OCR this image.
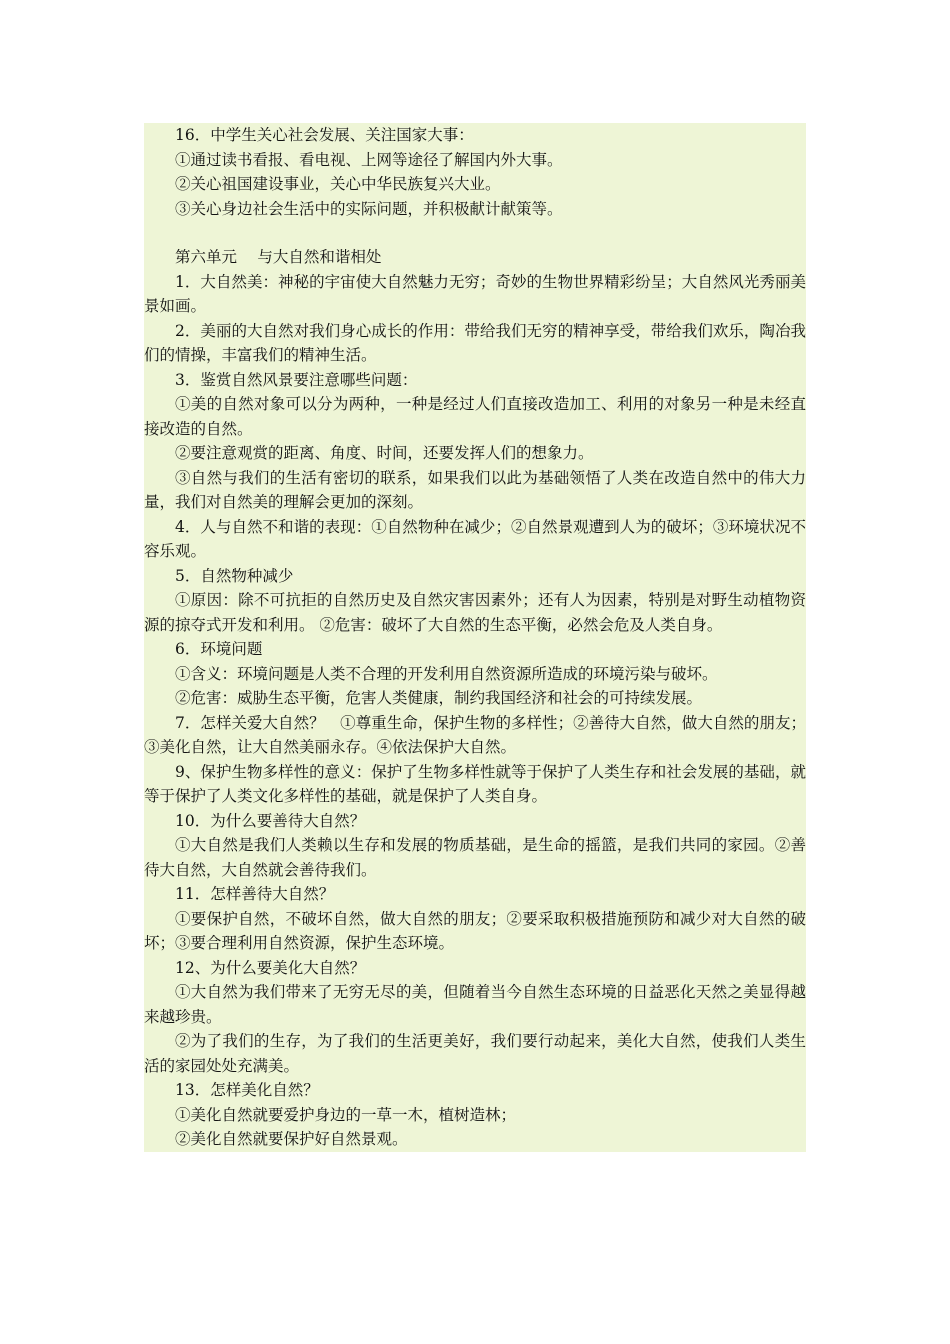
16．中学生关心社会发展、关注国家大事：

①通过读书看报、看电视、上网等途径了解国内外大事。

②关心祖国建设事业，关心中华民族复兴大业。

③关心身边社会生活中的实际问题，并积极献计献策等。

第六单元　 与大自然和谐相处

1．大自然美：神秘的宇宙使大自然魅力无穷；奇妙的生物世界精彩纷呈；大自然风光秀丽美景如画。

2．美丽的大自然对我们身心成长的作用：带给我们无穷的精神享受，带给我们欢乐，陶冶我们的情操，丰富我们的精神生活。

3．鉴赏自然风景要注意哪些问题：

①美的自然对象可以分为两种，一种是经过人们直接改造加工、利用的对象另一种是未经直接改造的自然。

②要注意观赏的距离、角度、时间，还要发挥人们的想象力。

③自然与我们的生活有密切的联系，如果我们以此为基础领悟了人类在改造自然中的伟大力量，我们对自然美的理解会更加的深刻。

4．人与自然不和谐的表现：①自然物种在减少；②自然景观遭到人为的破坏；③环境状况不容乐观。

5．自然物种减少

①原因：除不可抗拒的自然历史及自然灾害因素外；还有人为因素，特别是对野生动植物资源的掠夺式开发和利用。 ②危害：破坏了大自然的生态平衡，必然会危及人类自身。

6．环境问题

①含义：环境问题是人类不合理的开发利用自然资源所造成的环境污染与破坏。

②危害：威胁生态平衡，危害人类健康，制约我国经济和社会的可持续发展。

7．怎样关爱大自然？　①尊重生命，保护生物的多样性；②善待大自然，做大自然的朋友；③美化自然，让大自然美丽永存。④依法保护大自然。

9、保护生物多样性的意义：保护了生物多样性就等于保护了人类生存和社会发展的基础，就等于保护了人类文化多样性的基础，就是保护了人类自身。

10．为什么要善待大自然？

①大自然是我们人类赖以生存和发展的物质基础，是生命的摇篮，是我们共同的家园。②善待大自然，大自然就会善待我们。

11．怎样善待大自然？

①要保护自然，不破坏自然，做大自然的朋友；②要采取积极措施预防和减少对大自然的破坏；③要合理利用自然资源，保护生态环境。

12、为什么要美化大自然？

①大自然为我们带来了无穷无尽的美，但随着当今自然生态环境的日益恶化天然之美显得越来越珍贵。

②为了我们的生存，为了我们的生活更美好，我们要行动起来，美化大自然，使我们人类生活的家园处处充满美。

13．怎样美化自然？

①美化自然就要爱护身边的一草一木，植树造林；

②美化自然就要保护好自然景观。
